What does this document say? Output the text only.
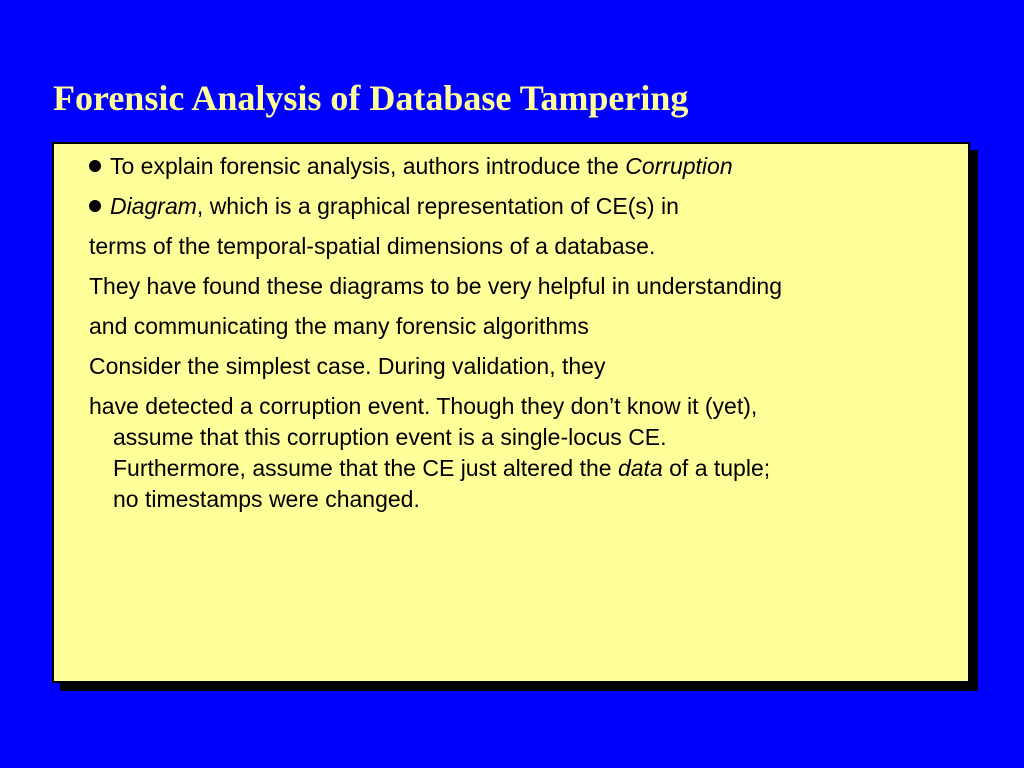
Forensic Analysis of Database Tampering
To explain forensic analysis, authors introduce the Corruption
Diagram, which is a graphical representation of CE(s) in
terms of the temporal-spatial dimensions of a database.
They have found these diagrams to be very helpful in understanding
and communicating the many forensic algorithms
Consider the simplest case. During validation, they
have detected a corruption event. Though they don’t know it (yet),
assume that this corruption event is a single-locus CE.
Furthermore, assume that the CE just altered the data of a tuple;
no timestamps were changed.
